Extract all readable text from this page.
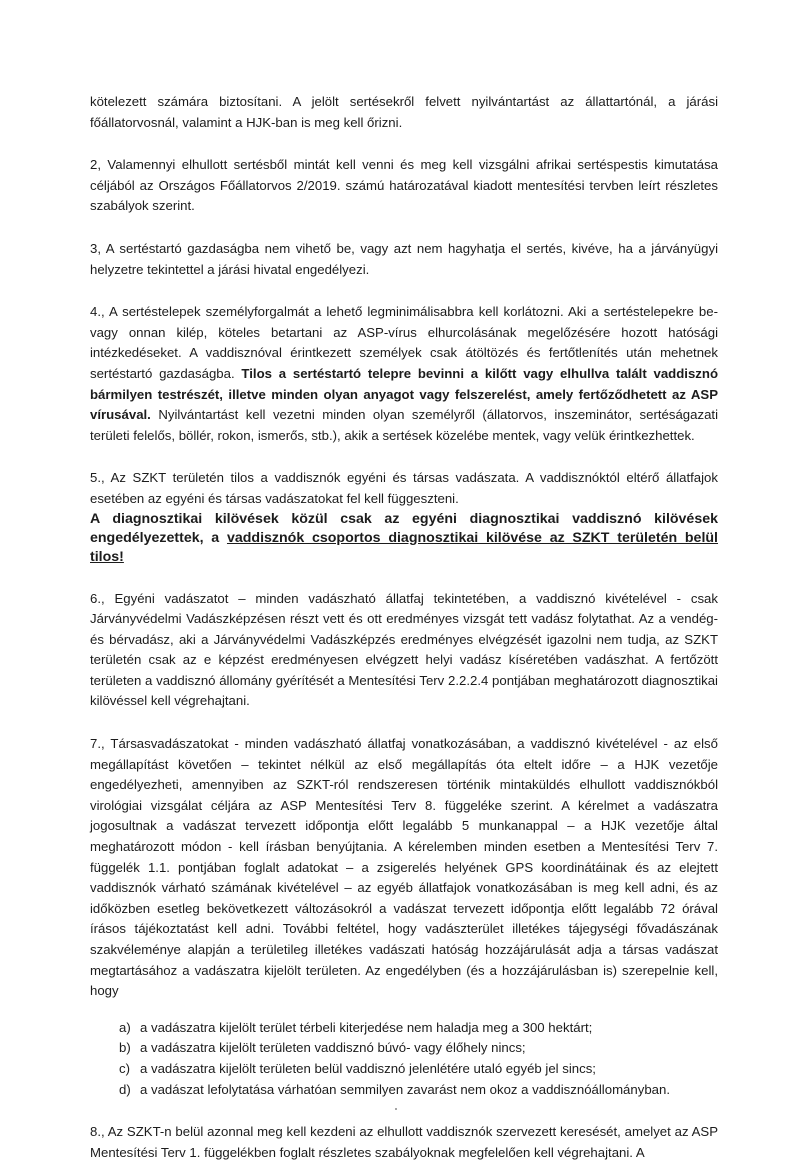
kötelezett számára biztosítani. A jelölt sertésekről felvett nyilvántartást az állattartónál, a járási főállatorvosnál, valamint a HJK-ban is meg kell őrizni.

2, Valamennyi elhullott sertésből mintát kell venni és meg kell vizsgálni afrikai sertéspestis kimutatása céljából az Országos Főállatorvos 2/2019. számú határozatával kiadott mentesítési tervben leírt részletes szabályok szerint.

3, A sertéstartó gazdaságba nem vihető be, vagy azt nem hagyhatja el sertés, kivéve, ha a járványügyi helyzetre tekintettel a járási hivatal engedélyezi.

4., A sertéstelepek személyforgalmát a lehető legminimálisabbra kell korlátozni. Aki a sertéstelepekre be- vagy onnan kilép, köteles betartani az ASP-vírus elhurcolásának megelőzésére hozott hatósági intézkedéseket. A vaddisznóval érintkezett személyek csak átöltözés és fertőtlenítés után mehetnek sertéstartó gazdaságba. Tilos a sertéstartó telepre bevinni a kilőtt vagy elhullva talált vaddisznó bármilyen testrészét, illetve minden olyan anyagot vagy felszerelést, amely fertőződhetett az ASP vírusával. Nyilvántartást kell vezetni minden olyan személyről (állatorvos, inszeminátor, sertéságazati területi felelős, böllér, rokon, ismerős, stb.), akik a sertések közelébe mentek, vagy velük érintkezhettek.

5., Az SZKT területén tilos a vaddisznók egyéni és társas vadászata. A vaddisznóktól eltérő állatfajok esetében az egyéni és társas vadászatokat fel kell függeszteni.

A diagnosztikai kilövések közül csak az egyéni diagnosztikai vaddisznó kilövések engedélyezettek, a vaddisznók csoportos diagnosztikai kilövése az SZKT területén belül tilos!

6., Egyéni vadászatot – minden vadászható állatfaj tekintetében, a vaddisznó kivételével - csak Járványvédelmi Vadászképzésen részt vett és ott eredményes vizsgát tett vadász folytathat. Az a vendég- és bérvadász, aki a Járványvédelmi Vadászképzés eredményes elvégzését igazolni nem tudja, az SZKT területén csak az e képzést eredményesen elvégzett helyi vadász kíséretében vadászhat. A fertőzött területen a vaddisznó állomány gyérítését a Mentesítési Terv 2.2.2.4 pontjában meghatározott diagnosztikai kilövéssel kell végrehajtani.

7., Társasvadászatokat - minden vadászható állatfaj vonatkozásában, a vaddisznó kivételével - az első megállapítást követően – tekintet nélkül az első megállapítás óta eltelt időre – a HJK vezetője engedélyezheti, amennyiben az SZKT-ról rendszeresen történik mintaküldés elhullott vaddisznókból virológiai vizsgálat céljára az ASP Mentesítési Terv 8. függeléke szerint. A kérelmet a vadászatra jogosultnak a vadászat tervezett időpontja előtt legalább 5 munkanappal – a HJK vezetője által meghatározott módon - kell írásban benyújtania. A kérelemben minden esetben a Mentesítési Terv 7. függelék 1.1. pontjában foglalt adatokat – a zsigerelés helyének GPS koordinátáinak és az elejtett vaddisznók várható számának kivételével – az egyéb állatfajok vonatkozásában is meg kell adni, és az időközben esetleg bekövetkezett változásokról a vadászat tervezett időpontja előtt legalább 72 órával írásos tájékoztatást kell adni. További feltétel, hogy vadászterület illetékes tájegységi fővadászának szakvéleménye alapján a területileg illetékes vadászati hatóság hozzájárulását adja a társas vadászat megtartásához a vadászatra kijelölt területen. Az engedélyben (és a hozzájárulásban is) szerepelnie kell, hogy

a) a vadászatra kijelölt terület térbeli kiterjedése nem haladja meg a 300 hektárt;
b) a vadászatra kijelölt területen vaddisznó búvó- vagy élőhely nincs;
c) a vadászatra kijelölt területen belül vaddisznó jelenlétére utaló egyéb jel sincs;
d) a vadászat lefolytatása várhatóan semmilyen zavarást nem okoz a vaddisznóállományban.

8., Az SZKT-n belül azonnal meg kell kezdeni az elhullott vaddisznók szervezett keresését, amelyet az ASP Mentesítési Terv 1. függelékben foglalt részletes szabályoknak megfelelően kell végrehajtani. A
